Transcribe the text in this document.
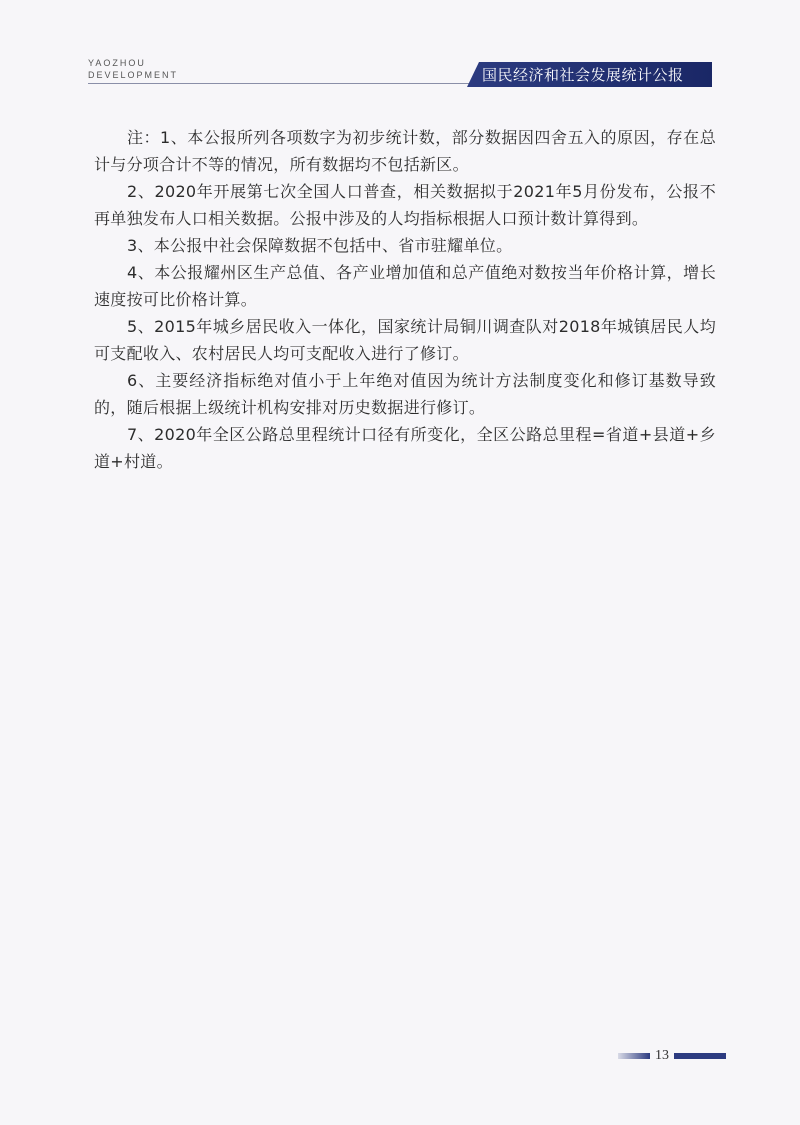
YAOZHOU
DEVELOPMENT	国民经济和社会发展统计公报

注：1、本公报所列各项数字为初步统计数，部分数据因四舍五入的原因，存在总计与分项合计不等的情况，所有数据均不包括新区。

2、2020年开展第七次全国人口普查，相关数据拟于2021年5月份发布，公报不再单独发布人口相关数据。公报中涉及的人均指标根据人口预计数计算得到。

3、本公报中社会保障数据不包括中、省市驻耀单位。

4、本公报耀州区生产总值、各产业增加值和总产值绝对数按当年价格计算，增长速度按可比价格计算。

5、2015年城乡居民收入一体化，国家统计局铜川调查队对2018年城镇居民人均可支配收入、农村居民人均可支配收入进行了修订。

6、主要经济指标绝对值小于上年绝对值因为统计方法制度变化和修订基数导致的，随后根据上级统计机构安排对历史数据进行修订。

7、2020年全区公路总里程统计口径有所变化，全区公路总里程=省道+县道+乡道+村道。

13
